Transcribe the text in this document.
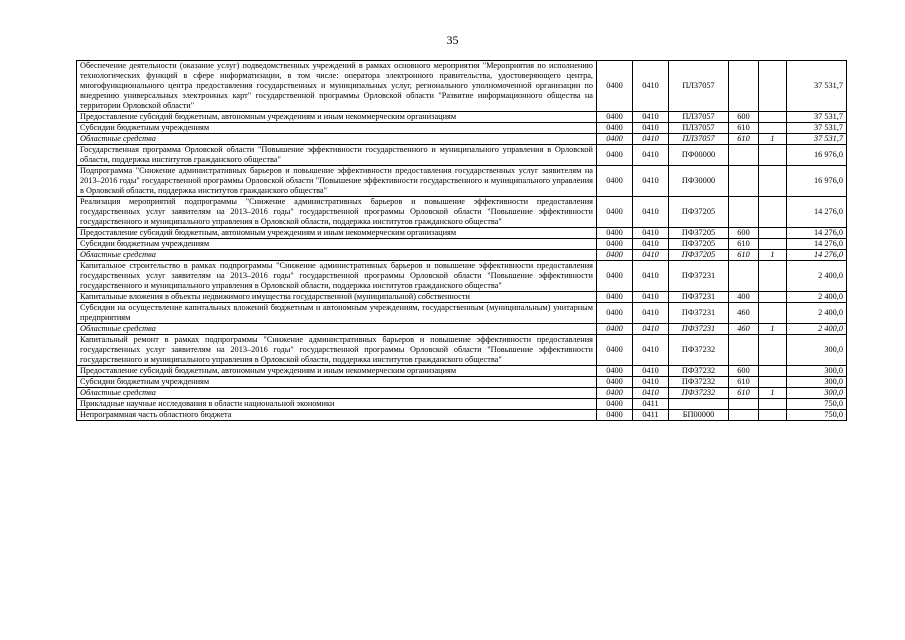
35
Обеспечение деятельности (оказание услуг) подведомственных учреждений в рамках основного мероприятия "Мероприятия по исполнению технологических функций в сфере информатизации, в том числе: оператора электронного правительства, удостоверяющего центра, многофункционального центра предоставления государственных и муниципальных услуг, регионального уполномоченной организации по внедрению универсальных электронных карт" государственной программы Орловской области "Развитие информационного общества на территории Орловской области"	0400	0410	ПЛ37057			37 531,7
Предоставление субсидий бюджетным, автономным учреждениям и иным некоммерческим организациям	0400	0410	ПЛ37057	600		37 531,7
Субсидии бюджетным учреждениям	0400	0410	ПЛ37057	610		37 531,7
Областные средства	0400	0410	ПЛ37057	610	1	37 531,7
Государственная программа Орловской области "Повышение эффективности государственного и муниципального управления в Орловской области, поддержка институтов гражданского общества"	0400	0410	ПФ00000			16 976,0
Подпрограмма "Снижение административных барьеров и повышение эффективности предоставления государственных услуг заявителям на 2013–2016 годы" государственной программы Орловской области "Повышение эффективности государственного и муниципального управления в Орловской области, поддержка институтов гражданского общества"	0400	0410	ПФ30000			16 976,0
Реализация мероприятий подпрограммы "Снижение административных барьеров и повышение эффективности предоставления государственных услуг заявителям на 2013–2016 годы" государственной программы Орловской области "Повышение эффективности государственного и муниципального управления в Орловской области, поддержка институтов гражданского общества"	0400	0410	ПФ37205			14 276,0
Предоставление субсидий бюджетным, автономным учреждениям и иным некоммерческим организациям	0400	0410	ПФ37205	600		14 276,0
Субсидии бюджетным учреждениям	0400	0410	ПФ37205	610		14 276,0
Областные средства	0400	0410	ПФ37205	610	1	14 276,0
Капитальное строительство в рамках подпрограммы "Снижение административных барьеров и повышение эффективности предоставления государственных услуг заявителям на 2013–2016 годы" государственной программы Орловской области "Повышение эффективности государственного и муниципального управления в Орловской области, поддержка институтов гражданского общества"	0400	0410	ПФ37231			2 400,0
Капитальные вложения в объекты недвижимого имущества государственной (муниципальной) собственности	0400	0410	ПФ37231	400		2 400,0
Субсидии на осуществление капитальных вложений бюджетным и автономным учреждениям, государственным (муниципальным) унитарным предприятиям	0400	0410	ПФ37231	460		2 400,0
Областные средства	0400	0410	ПФ37231	460	1	2 400,0
Капитальный ремонт в рамках подпрограммы "Снижение административных барьеров и повышение эффективности предоставления государственных услуг заявителям на 2013–2016 годы" государственной программы Орловской области "Повышение эффективности государственного и муниципального управления в Орловской области, поддержка институтов гражданского общества"	0400	0410	ПФ37232			300,0
Предоставление субсидий бюджетным, автономным учреждениям и иным некоммерческим организациям	0400	0410	ПФ37232	600		300,0
Субсидии бюджетным учреждениям	0400	0410	ПФ37232	610		300,0
Областные средства	0400	0410	ПФ37232	610	1	300,0
Прикладные научные исследования в области национальной экономики	0400	0411				750,0
Непрограммная часть областного бюджета	0400	0411	БП00000			750,0
